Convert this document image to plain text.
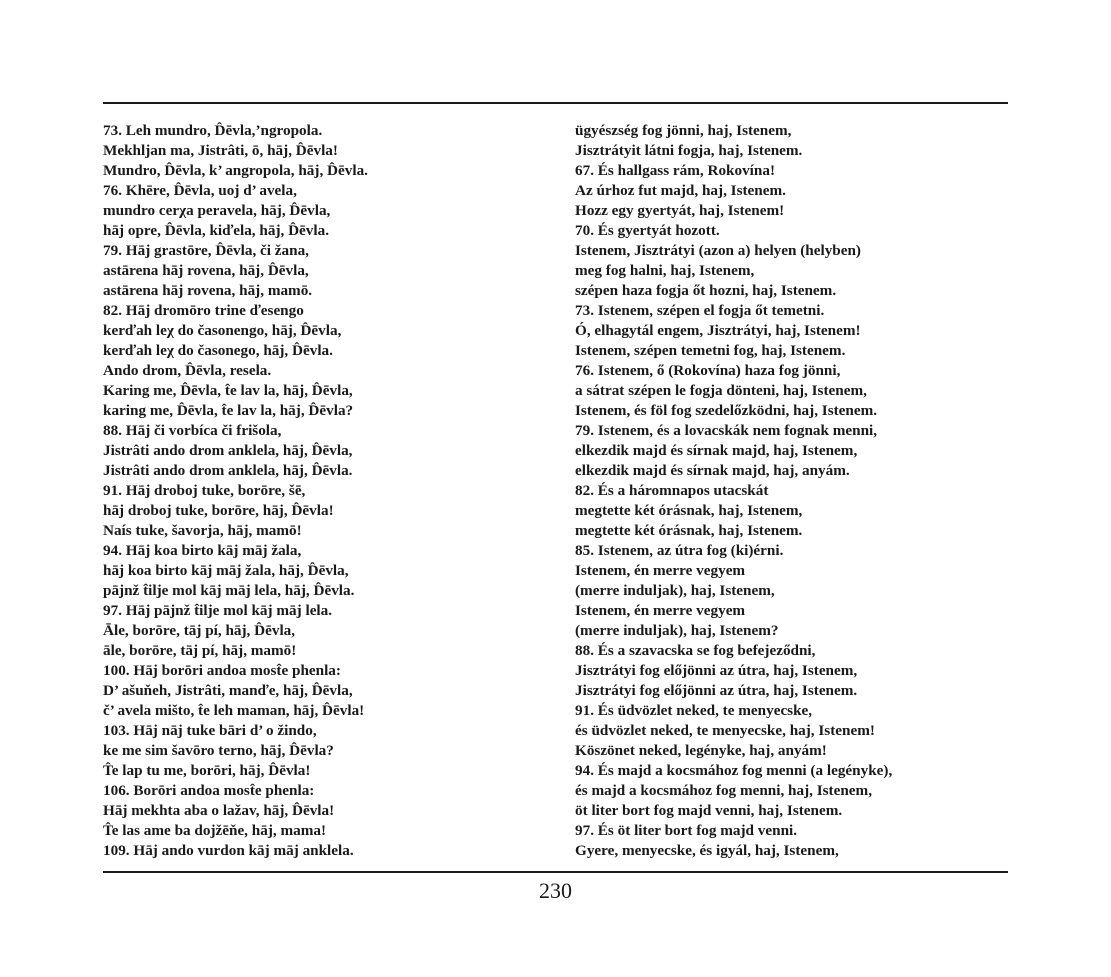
73. Leh mundro, D̂ēvla,’ngropola.
Mekhljan ma, Jistrâti, ō, hāj, D̂ēvla!
Mundro, D̂ēvla, k’ angropola, hāj, D̂ēvla.
76. Khēre, D̂ēvla, uoj d’ avela,
mundro cerχa peravela, hāj, D̂ēvla,
hāj opre, D̂ēvla, kiďela, hāj, D̂ēvla.
79. Hāj grastōre, D̂ēvla, či žana,
astārena hāj rovena, hāj, D̂ēvla,
astārena hāj rovena, hāj, mamō.
82. Hāj dromōro trine ďesengo
kerďah leχ do časonengo, hāj, D̂ēvla,
kerďah leχ do časonego, hāj, D̂ēvla.
Ando drom, D̂ēvla, resela.
Karing me, D̂ēvla, t̂e lav la, hāj, D̂ēvla,
karing me, D̂ēvla, t̂e lav la, hāj, D̂ēvla?
88. Hāj či vorbíca či frišola,
Jistrâti ando drom anklela, hāj, D̂ēvla,
Jistrâti ando drom anklela, hāj, D̂ēvla.
91. Hāj droboj tuke, borōre, šē,
hāj droboj tuke, borōre, hāj, D̂ēvla!
Naís tuke, šavorja, hāj, mamō!
94. Hāj koa birto kāj māj žala,
hāj koa birto kāj māj žala, hāj, D̂ēvla,
pājnž t̂ilje mol kāj māj lela, hāj, D̂ēvla.
97. Hāj pājnž t̂ilje mol kāj māj lela.
Āle, borōre, tāj pí, hāj, D̂ēvla,
āle, borōre, tāj pí, hāj, mamō!
100. Hāj borōri andoa most̂e phenla:
D’ ašuňeh, Jistrâti, manďe, hāj, D̂ēvla,
č’ avela mišto, t̂e leh maman, hāj, D̂ēvla!
103. Hāj nāj tuke bāri d’ o žindo,
ke me sim šavōro terno, hāj, D̂ēvla?
T̂e lap tu me, borōri, hāj, D̂ēvla!
106. Borōri andoa most̂e phenla:
Hāj mekhta aba o lažav, hāj, D̂ēvla!
T̂e las ame ba dojžēňe, hāj, mama!
109. Hāj ando vurdon kāj māj anklela.
ügyészség fog jönni, haj, Istenem,
Jisztrátyit látni fogja, haj, Istenem.
67. És hallgass rám, Rokovína!
Az úrhoz fut majd, haj, Istenem.
Hozz egy gyertyát, haj, Istenem!
70. És gyertyát hozott.
Istenem, Jisztrátyi (azon a) helyen (helyben)
meg fog halni, haj, Istenem,
szépen haza fogja őt hozni, haj, Istenem.
73. Istenem, szépen el fogja őt temetni.
Ó, elhagytál engem, Jisztrátyi, haj, Istenem!
Istenem, szépen temetni fog, haj, Istenem.
76. Istenem, ő (Rokovína) haza fog jönni,
a sátrat szépen le fogja dönteni, haj, Istenem,
Istenem, és föl fog szedelőzködni, haj, Istenem.
79. Istenem, és a lovacskák nem fognak menni,
elkezdik majd és sírnak majd, haj, Istenem,
elkezdik majd és sírnak majd, haj, anyám.
82. És a háromnapos utacskát
megtette két órásnak, haj, Istenem,
megtette két órásnak, haj, Istenem.
85. Istenem, az útra fog (ki)érni.
Istenem, én merre vegyem
(merre induljak), haj, Istenem,
Istenem, én merre vegyem
(merre induljak), haj, Istenem?
88. És a szavacska se fog befejeződni,
Jisztrátyi fog előjönni az útra, haj, Istenem,
Jisztrátyi fog előjönni az útra, haj, Istenem.
91. És üdvözlet neked, te menyecske,
és üdvözlet neked, te menyecske, haj, Istenem!
Köszönet neked, legényke, haj, anyám!
94. És majd a kocsmához fog menni (a legényke),
és majd a kocsmához fog menni, haj, Istenem,
öt liter bort fog majd venni, haj, Istenem.
97. És öt liter bort fog majd venni.
Gyere, menyecske, és igyál, haj, Istenem,
230
